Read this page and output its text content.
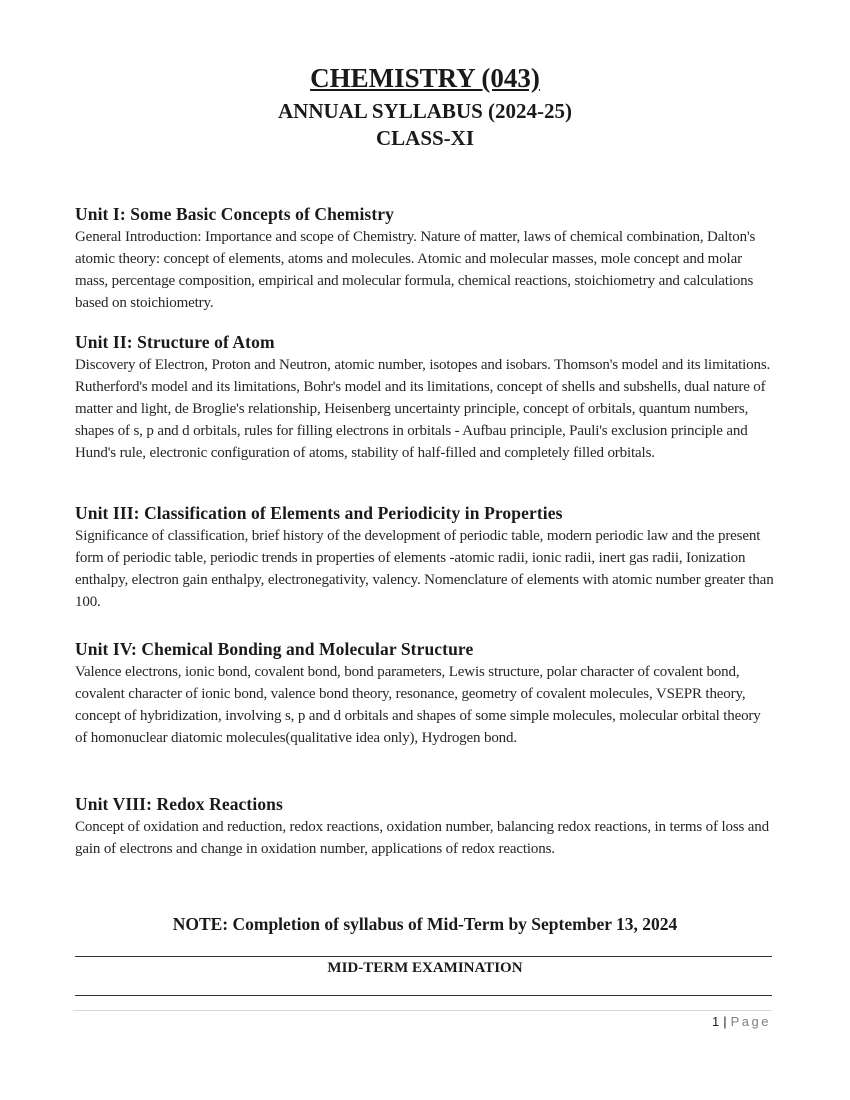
CHEMISTRY (043)
ANNUAL SYLLABUS (2024-25)
CLASS-XI
Unit I: Some Basic Concepts of Chemistry

General Introduction: Importance and scope of Chemistry. Nature of matter, laws of chemical combination, Dalton's atomic theory: concept of elements, atoms and molecules. Atomic and molecular masses, mole concept and molar mass, percentage composition, empirical and molecular formula, chemical reactions, stoichiometry and calculations based on stoichiometry.

Unit II: Structure of Atom

Discovery of Electron, Proton and Neutron, atomic number, isotopes and isobars. Thomson's model and its limitations. Rutherford's model and its limitations, Bohr's model and its limitations, concept of shells and subshells, dual nature of matter and light, de Broglie's relationship, Heisenberg uncertainty principle, concept of orbitals, quantum numbers, shapes of s, p and d orbitals, rules for filling electrons in orbitals - Aufbau principle, Pauli's exclusion principle and Hund's rule, electronic configuration of atoms, stability of half-filled and completely filled orbitals.

Unit III: Classification of Elements and Periodicity in Properties

Significance of classification, brief history of the development of periodic table, modern periodic law and the present form of periodic table, periodic trends in properties of elements -atomic radii, ionic radii, inert gas radii, Ionization enthalpy, electron gain enthalpy, electronegativity, valency. Nomenclature of elements with atomic number greater than 100.

Unit IV: Chemical Bonding and Molecular Structure

Valence electrons, ionic bond, covalent bond, bond parameters, Lewis structure, polar character of covalent bond, covalent character of ionic bond, valence bond theory, resonance, geometry of covalent molecules, VSEPR theory, concept of hybridization, involving s, p and d orbitals and shapes of some simple molecules, molecular orbital theory of homonuclear diatomic molecules(qualitative idea only), Hydrogen bond.

Unit VIII: Redox Reactions

Concept of oxidation and reduction, redox reactions, oxidation number, balancing redox reactions, in terms of loss and gain of electrons and change in oxidation number, applications of redox reactions.

NOTE: Completion of syllabus of Mid-Term by September 13, 2024
MID-TERM EXAMINATION
1 | Page
